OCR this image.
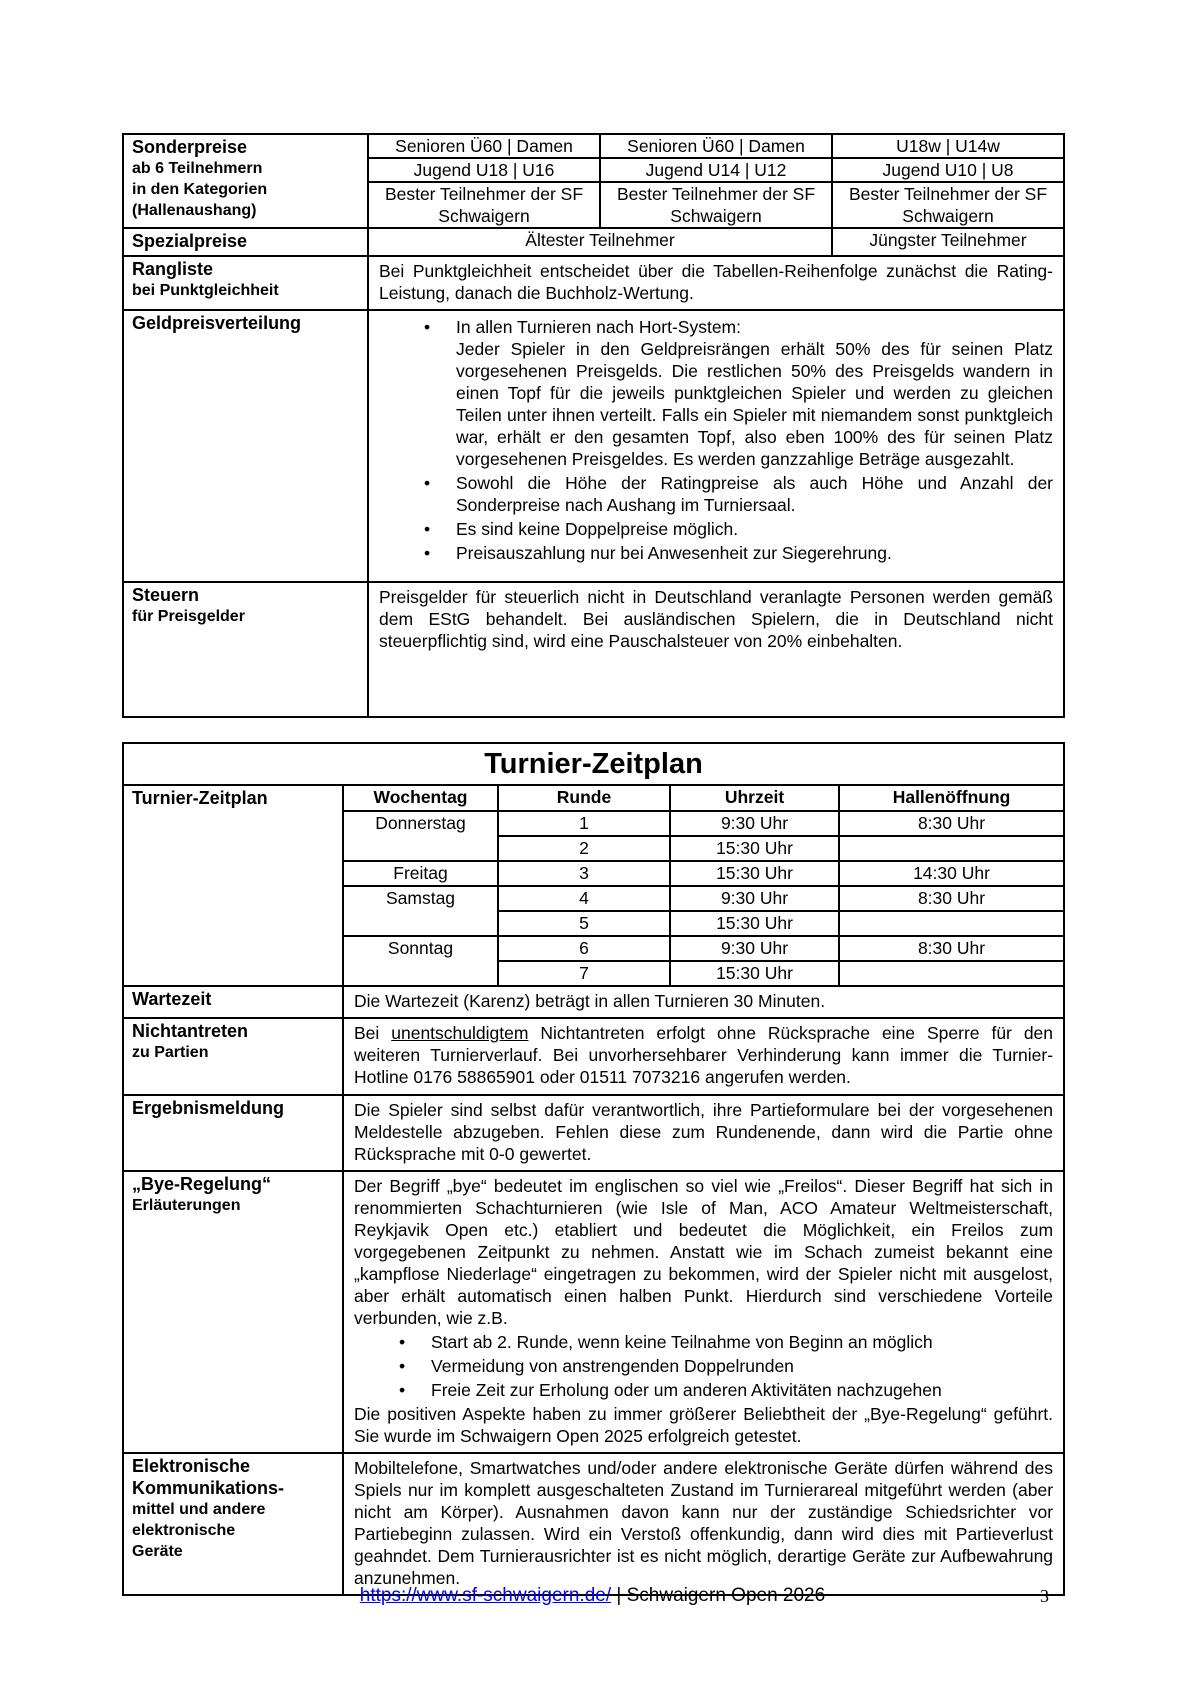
Sonderpreise
ab 6 Teilnehmern
in den Kategorien
(Hallenaushang)	Senioren Ü60 | Damen	Senioren Ü60 | Damen	U18w | U14w
	Jugend U18 | U16	Jugend U14 | U12	Jugend U10 | U8
	Bester Teilnehmer der SF Schwaigern	Bester Teilnehmer der SF Schwaigern	Bester Teilnehmer der SF Schwaigern

Spezialpreise	Ältester Teilnehmer		Jüngster Teilnehmer

Rangliste
bei Punktgleichheit	Bei Punktgleichheit entscheidet über die Tabellen-Reihenfolge zunächst die Rating-Leistung, danach die Buchholz-Wertung.		

Geldpreisverteilung

•In allen Turnieren nach Hort-System:
Jeder Spieler in den Geldpreisrängen erhält 50% des für seinen Platz vorgesehenen Preisgelds. Die restlichen 50% des Preisgelds wandern in einen Topf für die jeweils punktgleichen Spieler und werden zu gleichen Teilen unter ihnen verteilt. Falls ein Spieler mit niemandem sonst punktgleich war, erhält er den gesamten Topf, also eben 100% des für seinen Platz vorgesehenen Preisgeldes. Es werden ganzzahlige Beträge ausgezahlt.
• Sowohl die Höhe der Ratingpreise als auch Höhe und Anzahl der Sonderpreise nach Aushang im Turniersaal.
• Es sind keine Doppelpreise möglich.
• Preisauszahlung nur bei Anwesenheit zur Siegerehrung.

Steuern
für Preisgelder	Preisgelder für steuerlich nicht in Deutschland veranlagte Personen werden gemäß dem EStG behandelt. Bei ausländischen Spielern, die in Deutschland nicht steuerpflichtig sind, wird eine Pauschalsteuer von 20% einbehalten.		
Turnier-Zeitplan				

Turnier-Zeitplan	Wochentag	Runde	Uhrzeit	Hallenöffnung
	Donnerstag	1	9:30 Uhr	8:30 Uhr
		2	15:30 Uhr	
	Freitag	3	15:30 Uhr	14:30 Uhr
	Samstag	4	9:30 Uhr	8:30 Uhr
		5	15:30 Uhr	
	Sonntag	6	9:30 Uhr	8:30 Uhr
		7	15:30 Uhr	

Wartezeit	Die Wartezeit (Karenz) beträgt in allen Turnieren 30 Minuten.			

Nichtantreten
zu Partien	Bei unentschuldigtem Nichtantreten erfolgt ohne Rücksprache eine Sperre für den weiteren Turnierverlauf. Bei unvorhersehbarer Verhinderung kann immer die Turnier-Hotline 0176 58865901 oder 01511 7073216 angerufen werden.			

Ergebnismeldung	Die Spieler sind selbst dafür verantwortlich, ihre Partieformulare bei der vorgesehenen Meldestelle abzugeben. Fehlen diese zum Rundenende, dann wird die Partie ohne Rücksprache mit 0-0 gewertet.			

„Bye-Regelung“
Erläuterungen

Der Begriff „bye“ bedeutet im englischen so viel wie „Freilos“. Dieser Begriff hat sich in renommierten Schachturnieren (wie Isle of Man, ACO Amateur Weltmeisterschaft, Reykjavik Open etc.) etabliert und bedeutet die Möglichkeit, ein Freilos zum vorgegebenen Zeitpunkt zu nehmen. Anstatt wie im Schach zumeist bekannt eine „kampflose Niederlage“ eingetragen zu bekommen, wird der Spieler nicht mit ausgelost, aber erhält automatisch einen halben Punkt. Hierdurch sind verschiedene Vorteile verbunden, wie z.B.
• Start ab 2. Runde, wenn keine Teilnahme von Beginn an möglich
• Vermeidung von anstrengenden Doppelrunden
• Freie Zeit zur Erholung oder um anderen Aktivitäten nachzugehen
Die positiven Aspekte haben zu immer größerer Beliebtheit der „Bye-Regelung“ geführt. Sie wurde im Schwaigern Open 2025 erfolgreich getestet.

Elektronische
Kommunikations-
mittel und andere
elektronische
Geräte
	Mobiltelefone, Smartwatches und/oder andere elektronische Geräte dürfen während des Spiels nur im komplett ausgeschalteten Zustand im Turnierareal mitgeführt werden (aber nicht am Körper). Ausnahmen davon kann nur der zuständige Schiedsrichter vor Partiebeginn zulassen. Wird ein Verstoß offenkundig, dann wird dies mit Partieverlust geahndet. Dem Turnierausrichter ist es nicht möglich, derartige Geräte zur Aufbewahrung anzunehmen.
https://www.sf-schwaigern.de/ | Schwaigern Open 2026	3
